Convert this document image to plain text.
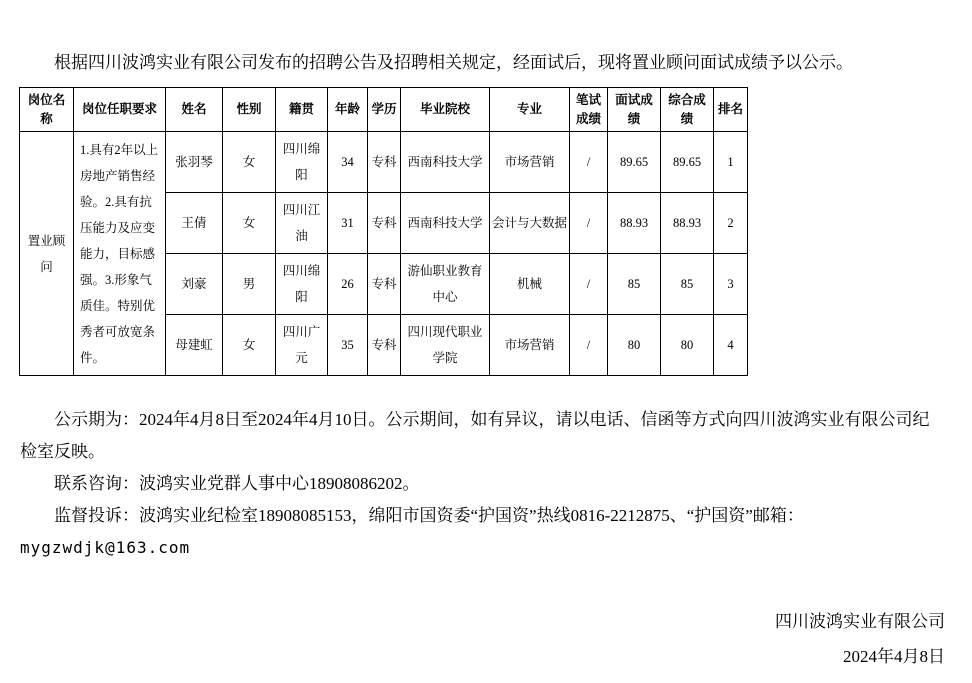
根据四川波鸿实业有限公司发布的招聘公告及招聘相关规定，经面试后，现将置业顾问面试成绩予以公示。
岗位名称	岗位任职要求	姓名	性别	籍贯	年龄	学历	毕业院校	专业	笔试成绩	面试成绩	综合成绩	排名
置业顾问	1.具有2年以上房地产销售经验。2.具有抗压能力及应变能力，目标感强。3.形象气质佳。特别优秀者可放宽条件。	张羽琴	女	四川绵阳	34	专科	西南科技大学	市场营销	/	89.65	89.65	1
		王倩	女	四川江油	31	专科	西南科技大学	会计与大数据	/	88.93	88.93	2
		刘豪	男	四川绵阳	26	专科	游仙职业教育中心	机械	/	85	85	3
		母建虹	女	四川广元	35	专科	四川现代职业学院	市场营销	/	80	80	4
公示期为：2024年4月8日至2024年4月10日。公示期间，如有异议，请以电话、信函等方式向四川波鸿实业有限公司纪
检室反映。
联系咨询：波鸿实业党群人事中心18908086202。
监督投诉：波鸿实业纪检室18908085153，绵阳市国资委“护国资”热线0816-2212875、“护国资”邮箱：
mygzwdjk@163.com
四川波鸿实业有限公司
2024年4月8日
